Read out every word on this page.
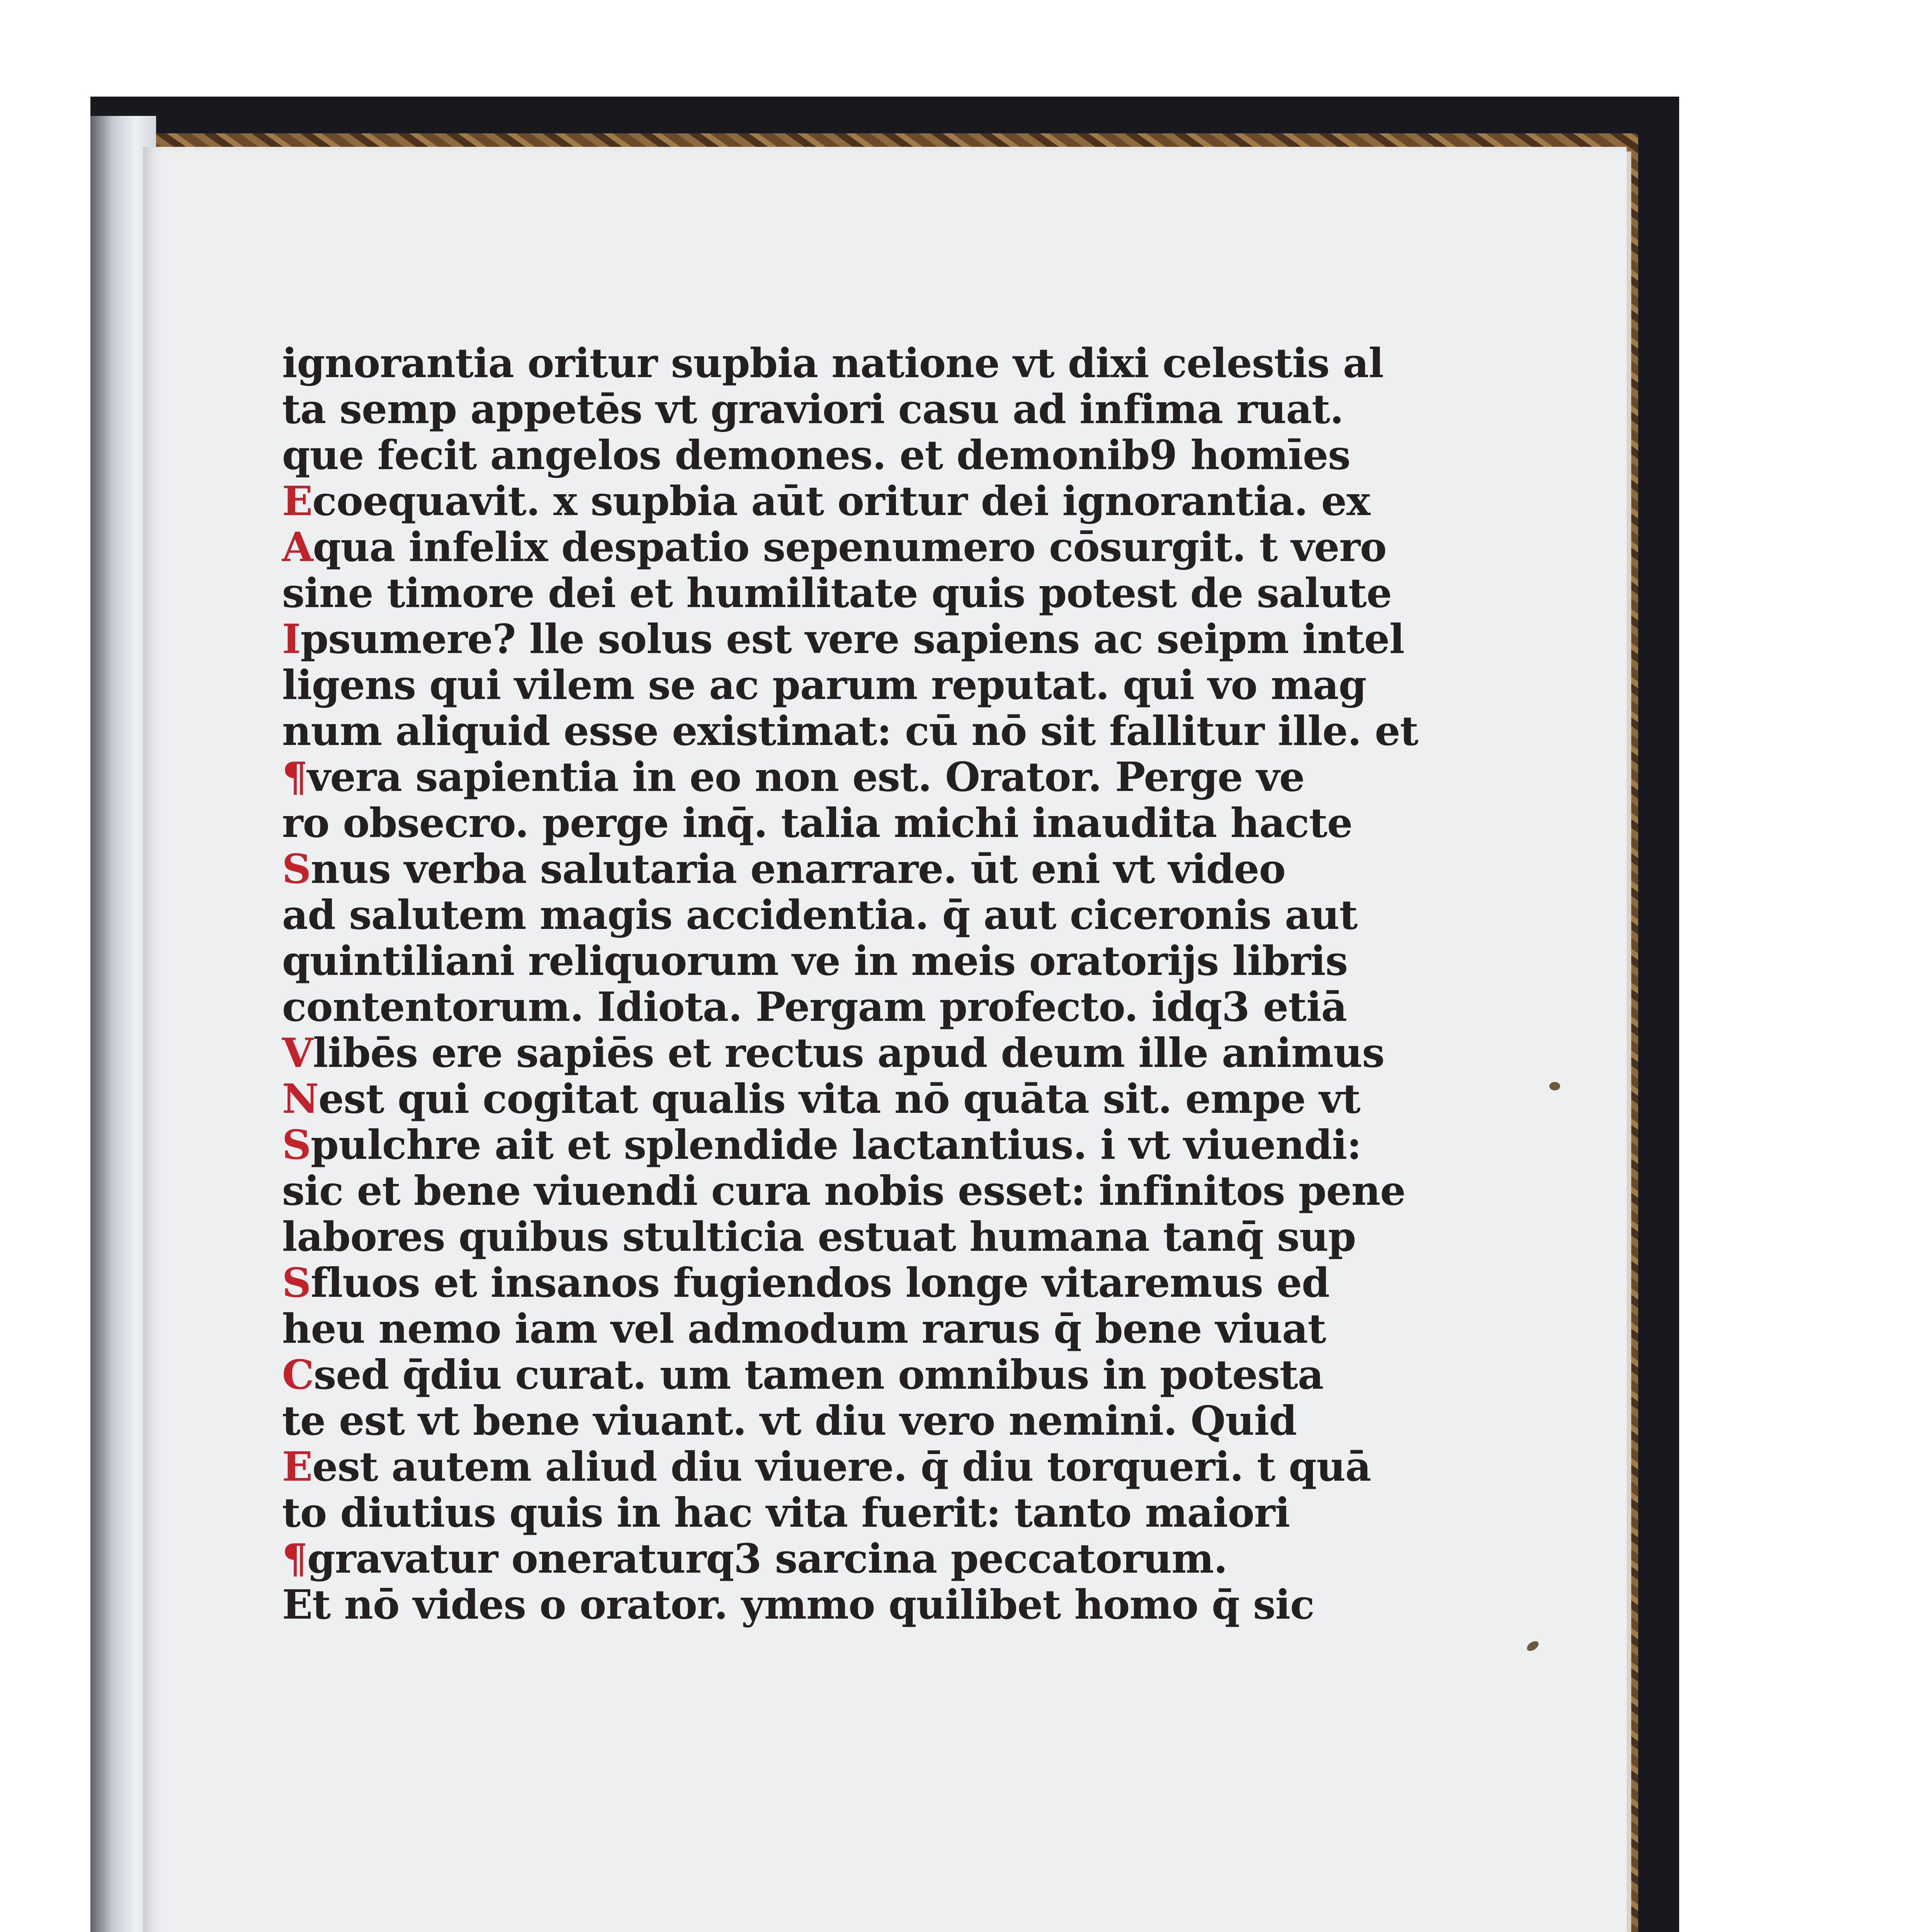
ignorantia oritur supbia natione vt dixi celestis al
ta semp appetēs vt graviori casu ad infima ruat.
que fecit angelos demones. et demonib9 homīes
Ecoequavit. x supbia aūt oritur dei ignorantia. ex
Aqua infelix despatio sepenumero cōsurgit. t vero
sine timore dei et humilitate quis potest de salute
Ipsumere? lle solus est vere sapiens ac seipm intel
ligens qui vilem se ac parum reputat. qui vo mag
num aliquid esse existimat: cū nō sit fallitur ille. et
¶vera sapientia in eo non est. Orator. Perge ve
ro obsecro. perge inq̄. talia michi inaudita hacte
Snus verba salutaria enarrare. ūt eni vt video
ad salutem magis accidentia. q̄ aut ciceronis aut
quintiliani reliquorum ve in meis oratorijs libris
contentorum. Idiota. Pergam profecto. idq3 etiā
Vlibēs ere sapiēs et rectus apud deum ille animus
Nest qui cogitat qualis vita nō quāta sit. empe vt
Spulchre ait et splendide lactantius. i vt viuendi:
sic et bene viuendi cura nobis esset: infinitos pene
labores quibus stulticia estuat humana tanq̄ sup
Sfluos et insanos fugiendos longe vitaremus ed
heu nemo iam vel admodum rarus q̄ bene viuat
Csed q̄diu curat. um tamen omnibus in potesta
te est vt bene viuant. vt diu vero nemini. Quid
Eest autem aliud diu viuere. q̄ diu torqueri. t quā
to diutius quis in hac vita fuerit: tanto maiori
¶gravatur oneraturq3 sarcina peccatorum.
Et nō vides o orator. ymmo quilibet homo q̄ sic
